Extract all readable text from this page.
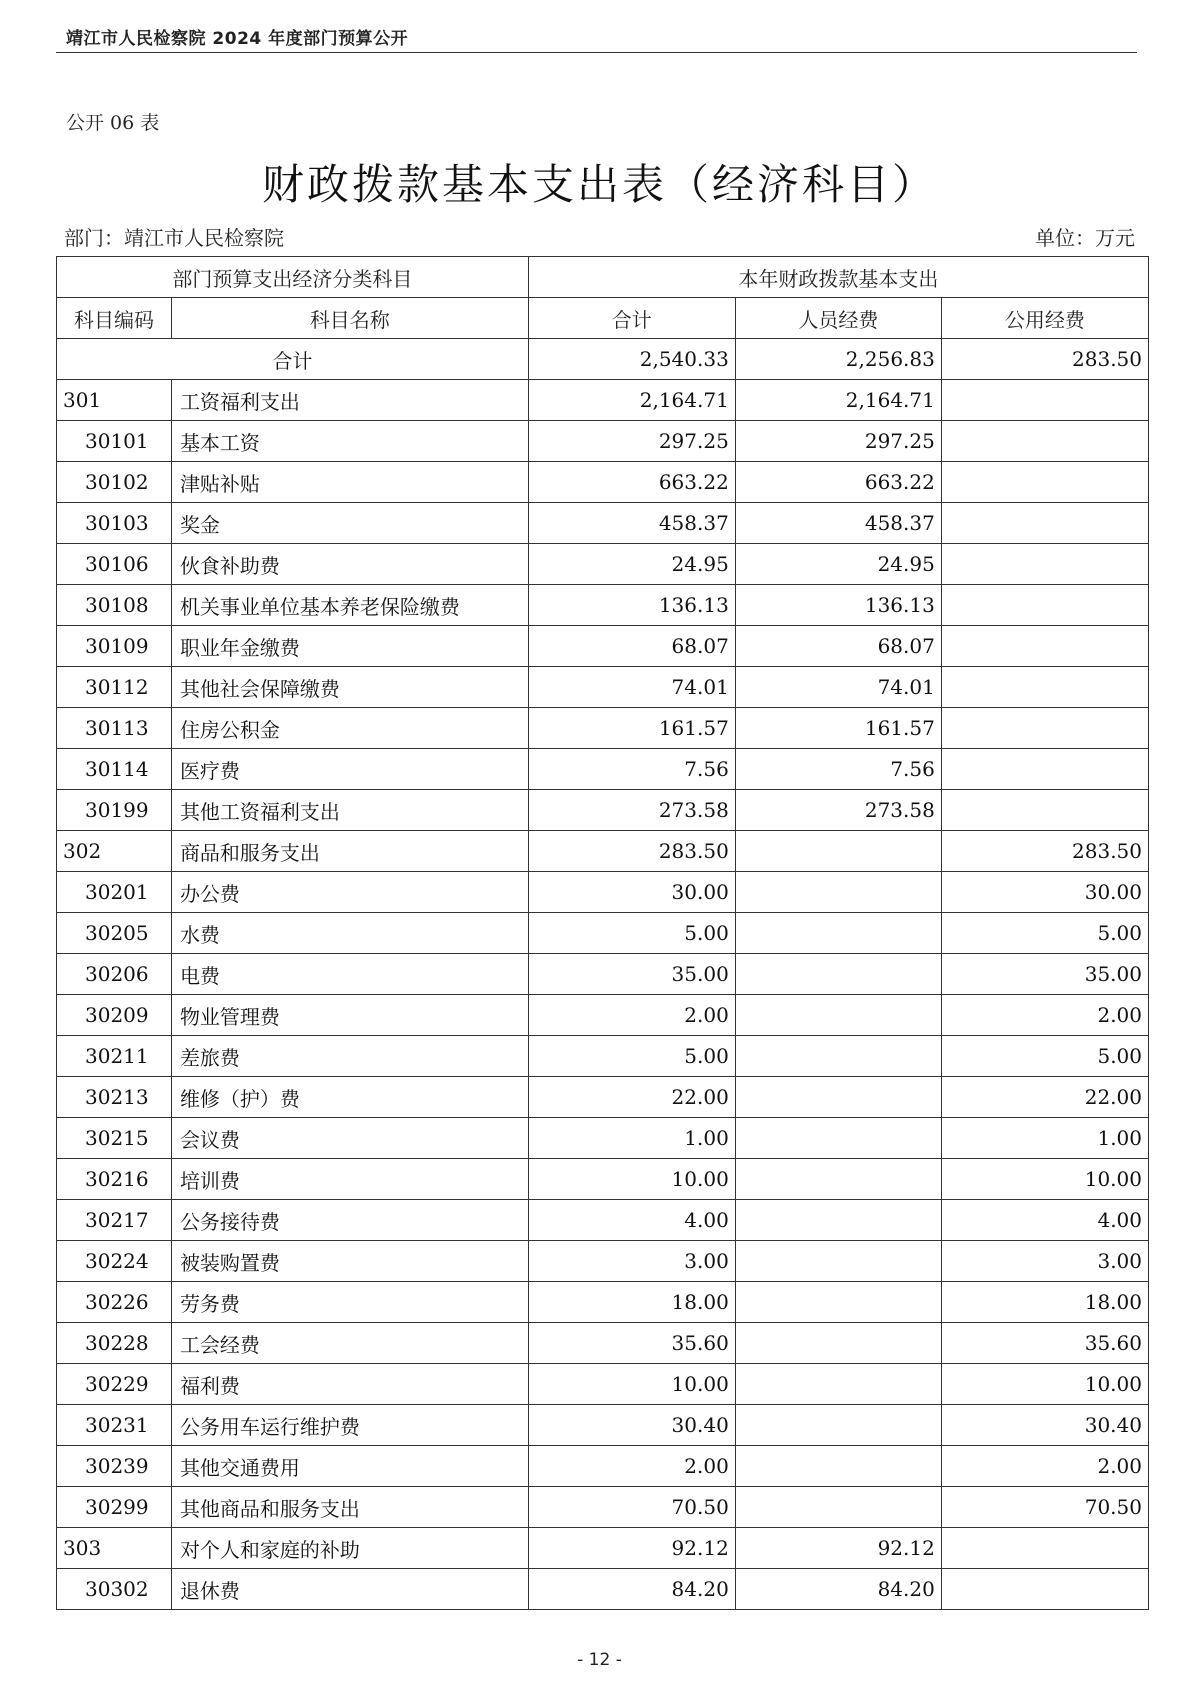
靖江市人民检察院 2024 年度部门预算公开
公开 06 表
财政拨款基本支出表（经济科目）
部门：靖江市人民检察院	单位：万元
部门预算支出经济分类科目		本年财政拨款基本支出		
科目编码	科目名称	合计	人员经费	公用经费
合计		2,540.33	2,256.83	283.50
301	工资福利支出	2,164.71	2,164.71	
30101	基本工资	297.25	297.25	
30102	津贴补贴	663.22	663.22	
30103	奖金	458.37	458.37	
30106	伙食补助费	24.95	24.95	
30108	机关事业单位基本养老保险缴费	136.13	136.13	
30109	职业年金缴费	68.07	68.07	
30112	其他社会保障缴费	74.01	74.01	
30113	住房公积金	161.57	161.57	
30114	医疗费	7.56	7.56	
30199	其他工资福利支出	273.58	273.58	
302	商品和服务支出	283.50		283.50
30201	办公费	30.00		30.00
30205	水费	5.00		5.00
30206	电费	35.00		35.00
30209	物业管理费	2.00		2.00
30211	差旅费	5.00		5.00
30213	维修（护）费	22.00		22.00
30215	会议费	1.00		1.00
30216	培训费	10.00		10.00
30217	公务接待费	4.00		4.00
30224	被装购置费	3.00		3.00
30226	劳务费	18.00		18.00
30228	工会经费	35.60		35.60
30229	福利费	10.00		10.00
30231	公务用车运行维护费	30.40		30.40
30239	其他交通费用	2.00		2.00
30299	其他商品和服务支出	70.50		70.50
303	对个人和家庭的补助	92.12	92.12	
30302	退休费	84.20	84.20	
- 12 -
